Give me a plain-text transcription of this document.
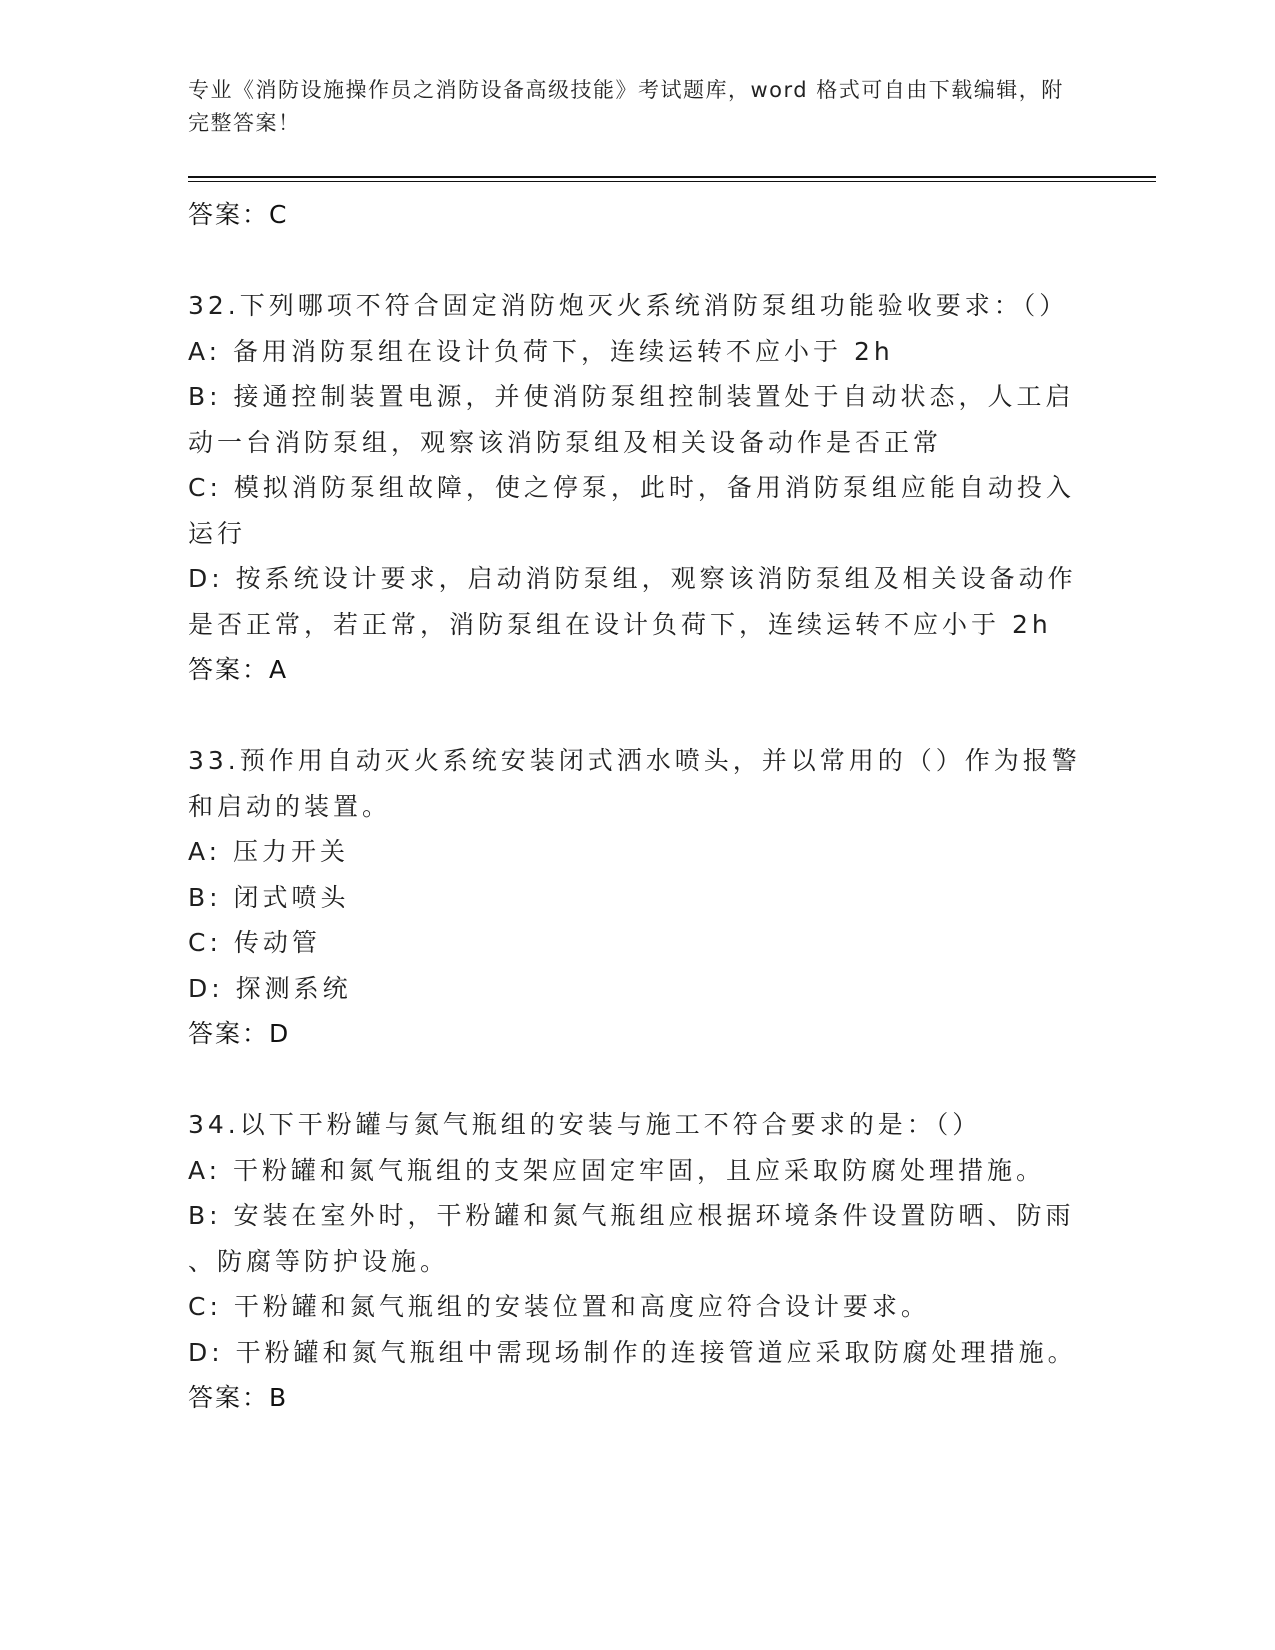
专业《消防设施操作员之消防设备高级技能》考试题库，word 格式可自由下载编辑，附完整答案！
答案：C
32.下列哪项不符合固定消防炮灭火系统消防泵组功能验收要求：（）
A: 备用消防泵组在设计负荷下，连续运转不应小于 2h
B: 接通控制装置电源，并使消防泵组控制装置处于自动状态，人工启
动一台消防泵组，观察该消防泵组及相关设备动作是否正常
C: 模拟消防泵组故障，使之停泵，此时，备用消防泵组应能自动投入
运行
D: 按系统设计要求，启动消防泵组，观察该消防泵组及相关设备动作
是否正常，若正常，消防泵组在设计负荷下，连续运转不应小于 2h
答案：A
33.预作用自动灭火系统安装闭式洒水喷头，并以常用的（）作为报警
和启动的装置。
A: 压力开关
B: 闭式喷头
C: 传动管
D: 探测系统
答案：D
34.以下干粉罐与氮气瓶组的安装与施工不符合要求的是：（）
A: 干粉罐和氮气瓶组的支架应固定牢固，且应采取防腐处理措施。
B: 安装在室外时，干粉罐和氮气瓶组应根据环境条件设置防晒、防雨
、防腐等防护设施。
C: 干粉罐和氮气瓶组的安装位置和高度应符合设计要求。
D: 干粉罐和氮气瓶组中需现场制作的连接管道应采取防腐处理措施。
答案：B
